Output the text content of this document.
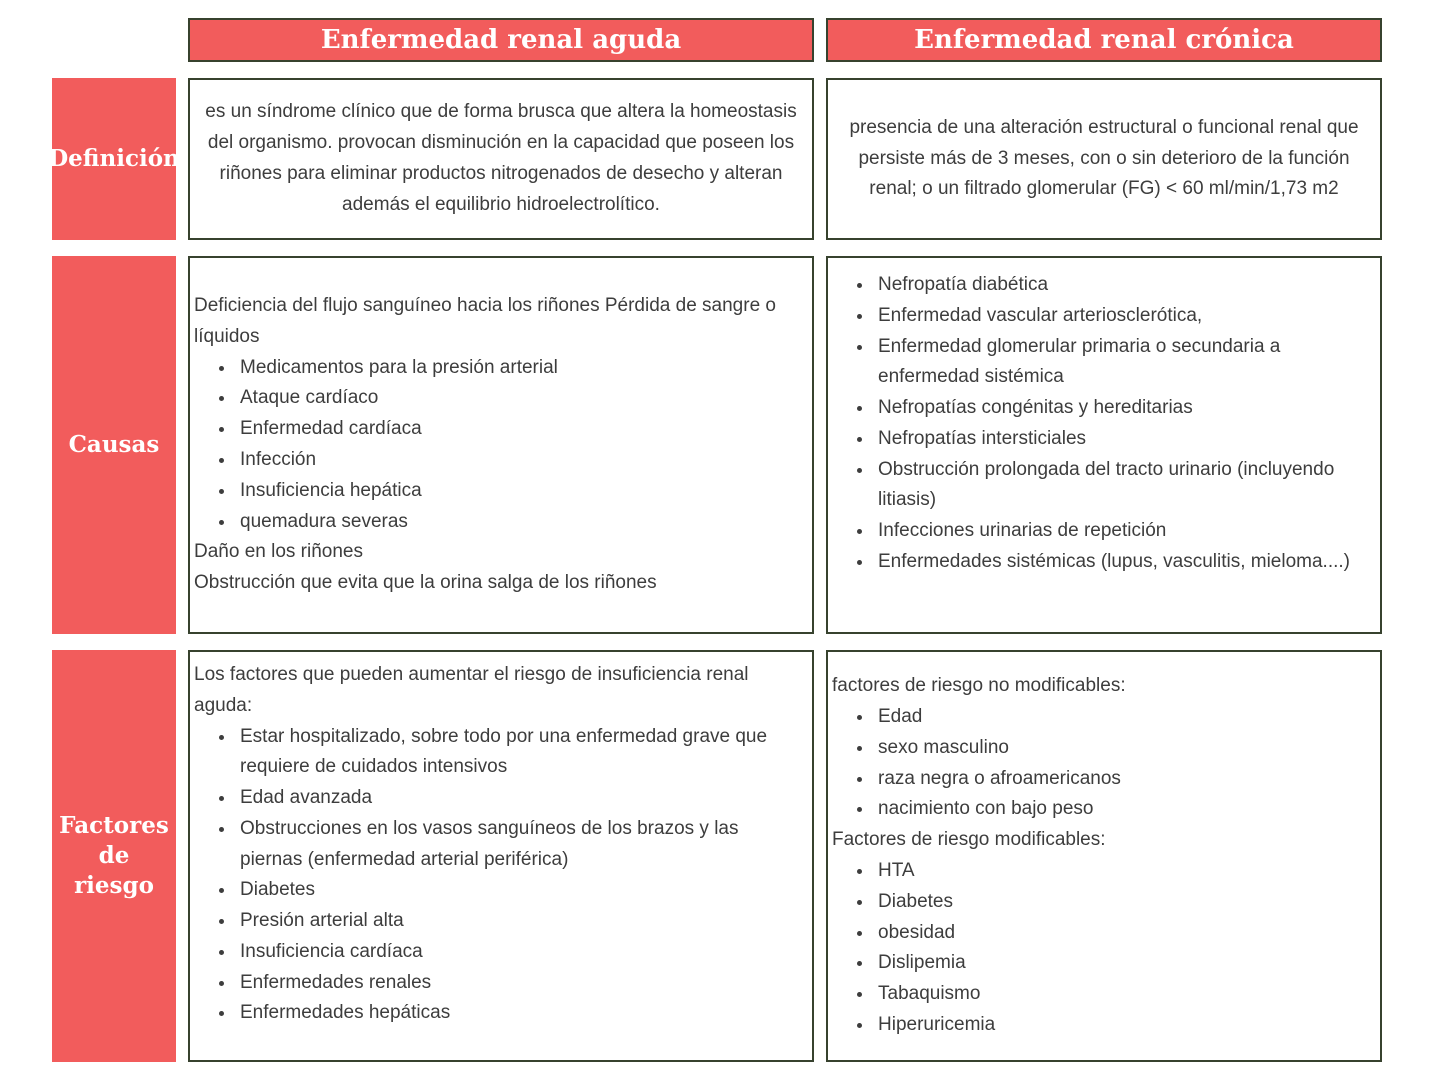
Enfermedad renal aguda	Enfermedad renal crónica
Definición

es un síndrome clínico que de forma brusca que altera la homeostasis del organismo. provocan disminución en la capacidad que poseen los riñones para eliminar productos nitrogenados de desecho y alteran además el equilibrio hidroelectrolítico.

presencia de una alteración estructural o funcional renal que persiste más de 3 meses, con o sin deterioro de la función renal; o un filtrado glomerular (FG) < 60 ml/min/1,73 m2

Causas

Deficiencia del flujo sanguíneo hacia los riñones Pérdida de sangre o líquidos

• Medicamentos para la presión arterial
• Ataque cardíaco
• Enfermedad cardíaca
• Infección
• Insuficiencia hepática
• quemadura severas

Daño en los riñones

Obstrucción que evita que la orina salga de los riñones

• Nefropatía diabética
• Enfermedad vascular arteriosclerótica,
• Enfermedad glomerular primaria o secundaria a enfermedad sistémica
• Nefropatías congénitas y hereditarias
• Nefropatías intersticiales
• Obstrucción prolongada del tracto urinario (incluyendo litiasis)
• Infecciones urinarias de repetición
• Enfermedades sistémicas (lupus, vasculitis, mieloma....)
Factores de riesgo

Los factores que pueden aumentar el riesgo de insuficiencia renal aguda:

• Estar hospitalizado, sobre todo por una enfermedad grave que requiere de cuidados intensivos
• Edad avanzada
• Obstrucciones en los vasos sanguíneos de los brazos y las piernas (enfermedad arterial periférica)
• Diabetes
• Presión arterial alta
• Insuficiencia cardíaca
• Enfermedades renales
• Enfermedades hepáticas

factores de riesgo no modificables:

• Edad
• sexo masculino
• raza negra o afroamericanos
• nacimiento con bajo peso

Factores de riesgo modificables:

• HTA
• Diabetes
• obesidad
• Dislipemia
• Tabaquismo
• Hiperuricemia
